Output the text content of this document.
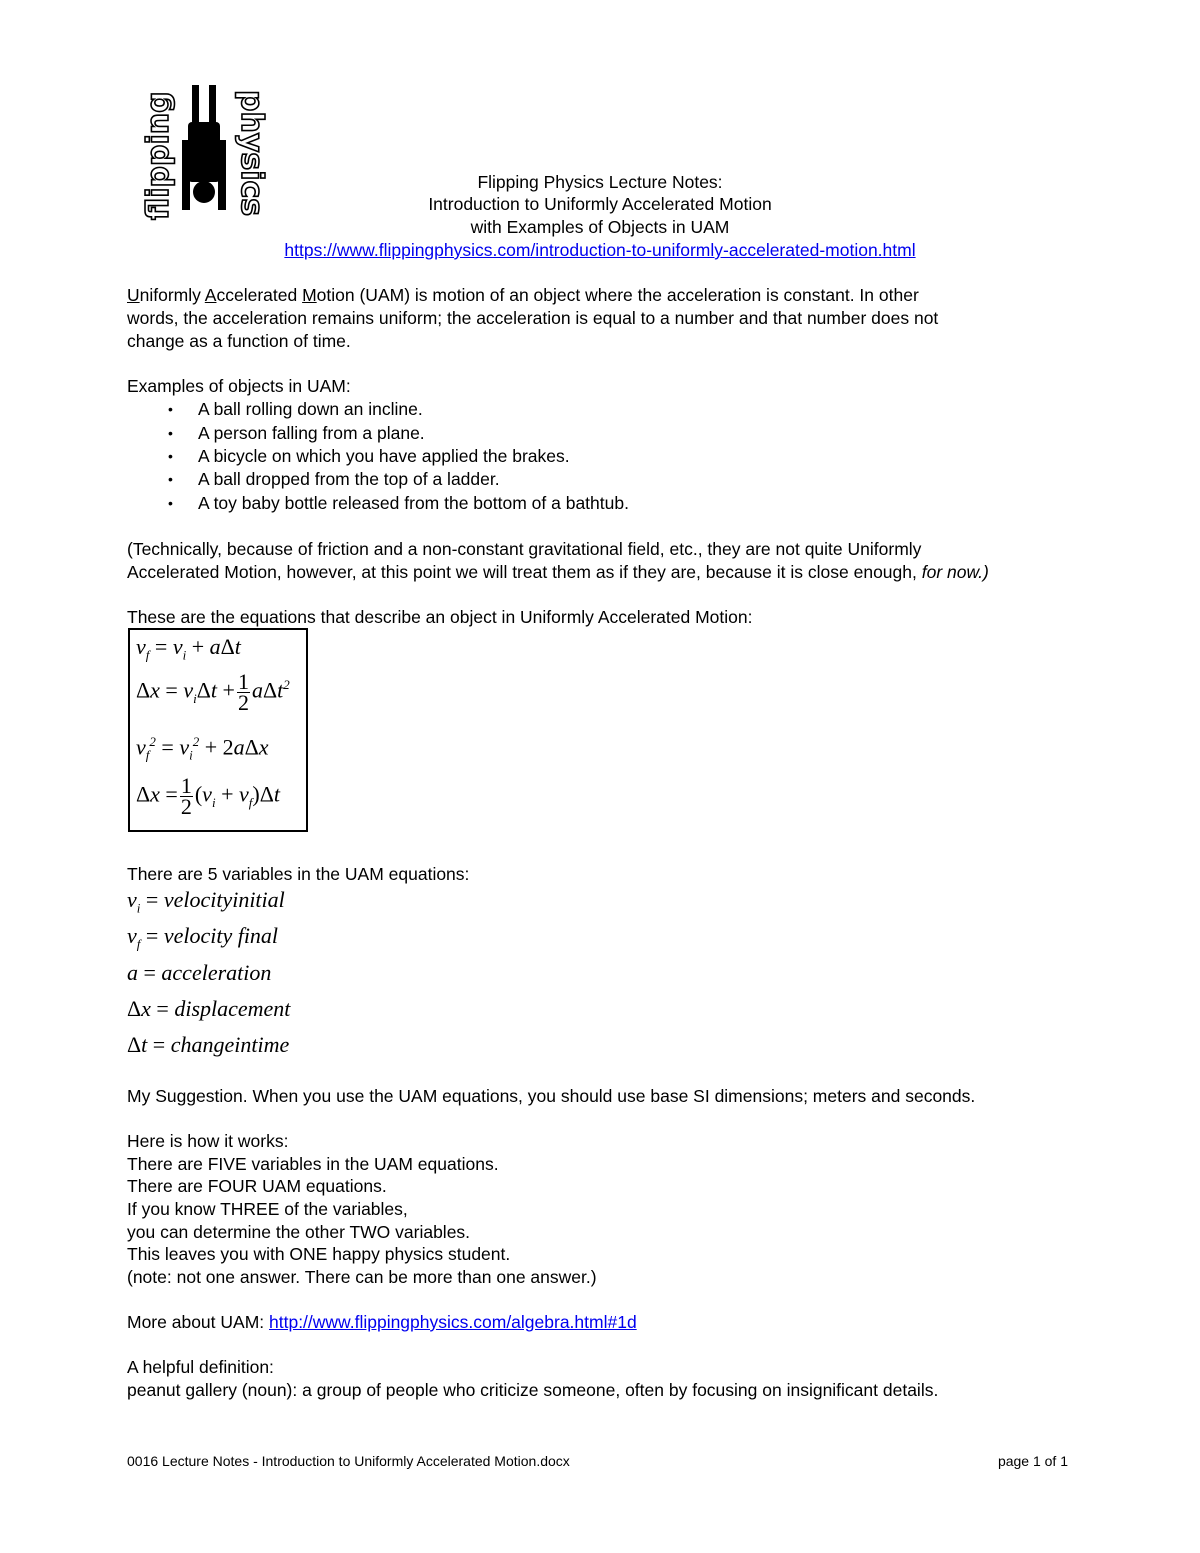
flipping physics	Flipping Physics Lecture Notes:
Introduction to Uniformly Accelerated Motion
with Examples of Objects in UAM
https://www.flippingphysics.com/introduction-to-uniformly-accelerated-motion.html
Uniformly Accelerated Motion (UAM) is motion of an object where the acceleration is constant. In other
words, the acceleration remains uniform; the acceleration is equal to a number and that number does not
change as a function of time.
Examples of objects in UAM:
• A ball rolling down an incline.
• A person falling from a plane.
• A bicycle on which you have applied the brakes.
• A ball dropped from the top of a ladder.
• A toy baby bottle released from the bottom of a bathtub.
(Technically, because of friction and a non-constant gravitational field, etc., they are not quite Uniformly
Accelerated Motion, however, at this point we will treat them as if they are, because it is close enough, for now.)
These are the equations that describe an object in Uniformly Accelerated Motion:
$v_f = v_i + a\Delta t$
$\Delta x = v_i\Delta t + \frac{1}{2} a\Delta t^2$
$v_f^2 = v_i^2 + 2a\Delta x$
$\Delta x = \frac{1}{2} (v_i + v_f)\Delta t$
There are 5 variables in the UAM equations:
$v_i$ = velocityinitial
$v_f$ = velocity final
a = acceleration
Δx = displacement
Δt = changeintime
My Suggestion. When you use the UAM equations, you should use base SI dimensions; meters and seconds.
Here is how it works:
There are FIVE variables in the UAM equations.
There are FOUR UAM equations.
If you know THREE of the variables,
you can determine the other TWO variables.
This leaves you with ONE happy physics student.
(note: not one answer. There can be more than one answer.)
More about UAM: http://www.flippingphysics.com/algebra.html#1d
A helpful definition:
peanut gallery (noun): a group of people who criticize someone, often by focusing on insignificant details.
0016 Lecture Notes - Introduction to Uniformly Accelerated Motion.docx	page 1 of 1
